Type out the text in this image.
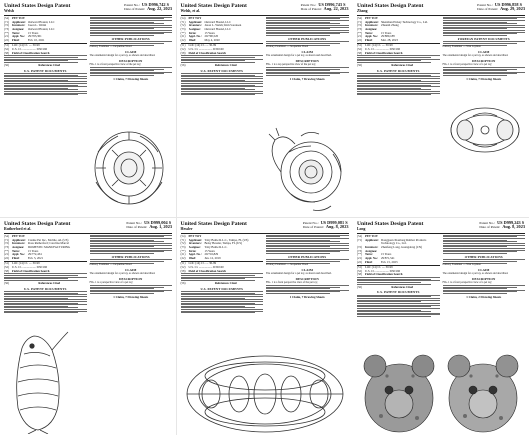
United States Design Patent
Welsh
Patent No.: US D996,742 S
Date of Patent: Aug. 22, 2023
(54)	PET TOY
(71)	Applicant: Outward Hound, LLC
(72)	Inventors: Jason L. Welsh
(73)	Assignee:	Outward Hound, LLC
(**)	Term:	15 Years
(21)	Appl. No.: 29/763,301
(22)	Filed:	Feb. 10, 2021
(51)	LOC (14) Cl. .... 30-99
(52)	U.S. Cl. .................. D30/160
(58)	Field of Classification Search
(56)	References Cited
U.S. PATENT DOCUMENTS
OTHER PUBLICATIONS
Primary Examiner — Jacqueline Wood
CLAIM
The ornamental design for a pet toy, as shown and described.
DESCRIPTION
FIG. 1 is a front perspective view of the pet toy;
1 Claim, 7 Drawing Sheets
United States Design Patent
Welsh, et al.
Patent No.: US D996,743 S
Date of Patent: Aug. 22, 2023
(54)	PET TOY
(71)	Applicant: Outward Hound, LLC
(72)	Inventors: Jason L. Welsh; Kim Sorensen
(73)	Assignee:	Outward Hound, LLC
(**)	Term:	15 Years
(21)	Appl. No.: 29/790,520
(22)	Filed:	May 4, 2020
(51)	LOC (14) Cl. .... 30-99
(52)	U.S. Cl. .................. D30/160
(58)	Field of Classification Search
(56)	References Cited
U.S. PATENT DOCUMENTS
OTHER PUBLICATIONS
Primary Examiner — Jacqueline Wood
CLAIM
The ornamental design for a pet toy, as shown and described.
DESCRIPTION
FIG. 1 is a top perspective view of the pet toy;
1 Claim, 7 Drawing Sheets
United States Design Patent
Zhang
Patent No.: US D996,858 S
Date of Patent: Aug. 29, 2023
(54)	PET TOY
(71)	Applicant: Shenzhen Pickay Technology Co., Ltd.
(72)	Inventors: Zhuanli Zhang
(73)	Assignee:
(**)	Term:	15 Years
(21)	Appl. No.: 29/880,188
(22)	Filed:	Mar. 28, 2023
(51)	LOC (14) Cl. .... 30-99
(52)	U.S. Cl. .................. D30/160
(58)	Field of Classification Search
(56)	References Cited
U.S. PATENT DOCUMENTS
FOREIGN PATENT DOCUMENTS
Primary Examiner — Wan Laymon
CLAIM
The ornamental design for a pet toy, as shown and described.
DESCRIPTION
FIG. 1 is a front perspective view of a pet toy;
1 Claim, 7 Drawing Sheets
United States Design Patent
Rutherford et al.
Patent No.: US D999,004 S
Date of Patent: Aug. 1, 2023
(54)	PET TOY
(71)	Applicant: Canine Pet Inc., Mobile, AL (US)
(72)	Inventors: Ross Rutherford; Carolina Marcel
(73)	Assignee:	DOMESTIC MANUFACTURING
(**)	Term:	15 Years
(21)	Appl. No.: 29/772,434
(22)	Filed:	Feb. 5, 2021
(51)	LOC (14) Cl. .... 30-99
(52)	U.S. Cl. .................. D30/160
(58)	Field of Classification Search
(56)	References Cited
U.S. PATENT DOCUMENTS
OTHER PUBLICATIONS
Primary Examiner — Jacqueline Wood
CLAIM
The ornamental design for a pet toy, as shown and described.
DESCRIPTION
FIG. 1 is a perspective view of a pet toy;
1 Claim, 7 Drawing Sheets
United States Design Patent
Hessler
Patent No.: US D999,081 S
Date of Patent: Aug. 8, 2023
(54)	PET TOY
(71)	Applicant: Toby Battie R.L.C., Tampa, FL (US)
(72)	Inventors: Betsy Hessler, Tampa, FL (US)
(73)	Assignee:	Toby Battie R.L.C.
(**)	Term:	15 Years
(21)	Appl. No.: 29/716,829
(22)	Filed:	Jun. 12, 2019
(51)	LOC (14) Cl. .... 30-99
(52)	U.S. Cl. .................. D30/160
(58)	Field of Classification Search
(56)	References Cited
U.S. PATENT DOCUMENTS
OTHER PUBLICATIONS
Primary Examiner — Jacqueline Wood
CLAIM
The ornamental design for a pet toy, as shown and described.
DESCRIPTION
FIG. 1 is a front perspective view of the pet toy;
1 Claim, 7 Drawing Sheets
United States Design Patent
Long
Patent No.: US D999,243 S
Date of Patent: Aug. 8, 2023
(54)	PET TOY
(71)	Applicant: Dongguan Xianlong Rubber Products Technology Co., Ltd.
(72)	Inventors: Zhenfeng Long, Guangdong (CN)
(73)	Assignee:
(**)	Term:	15 Years
(21)	Appl. No.: 29/871,541
(22)	Filed:	Feb. 15, 2023
(51)	LOC (14) Cl. .... 30-99
(52)	U.S. Cl. .................. D30/160
(58)	Field of Classification Search
(56)	References Cited
U.S. PATENT DOCUMENTS
OTHER PUBLICATIONS
Primary Examiner — Wan Laymon
CLAIM
The ornamental design for a pet toy, as shown and described.
DESCRIPTION
FIG. 1 is a front perspective view of a pet toy;
1 Claim, 2 Drawing Sheets
